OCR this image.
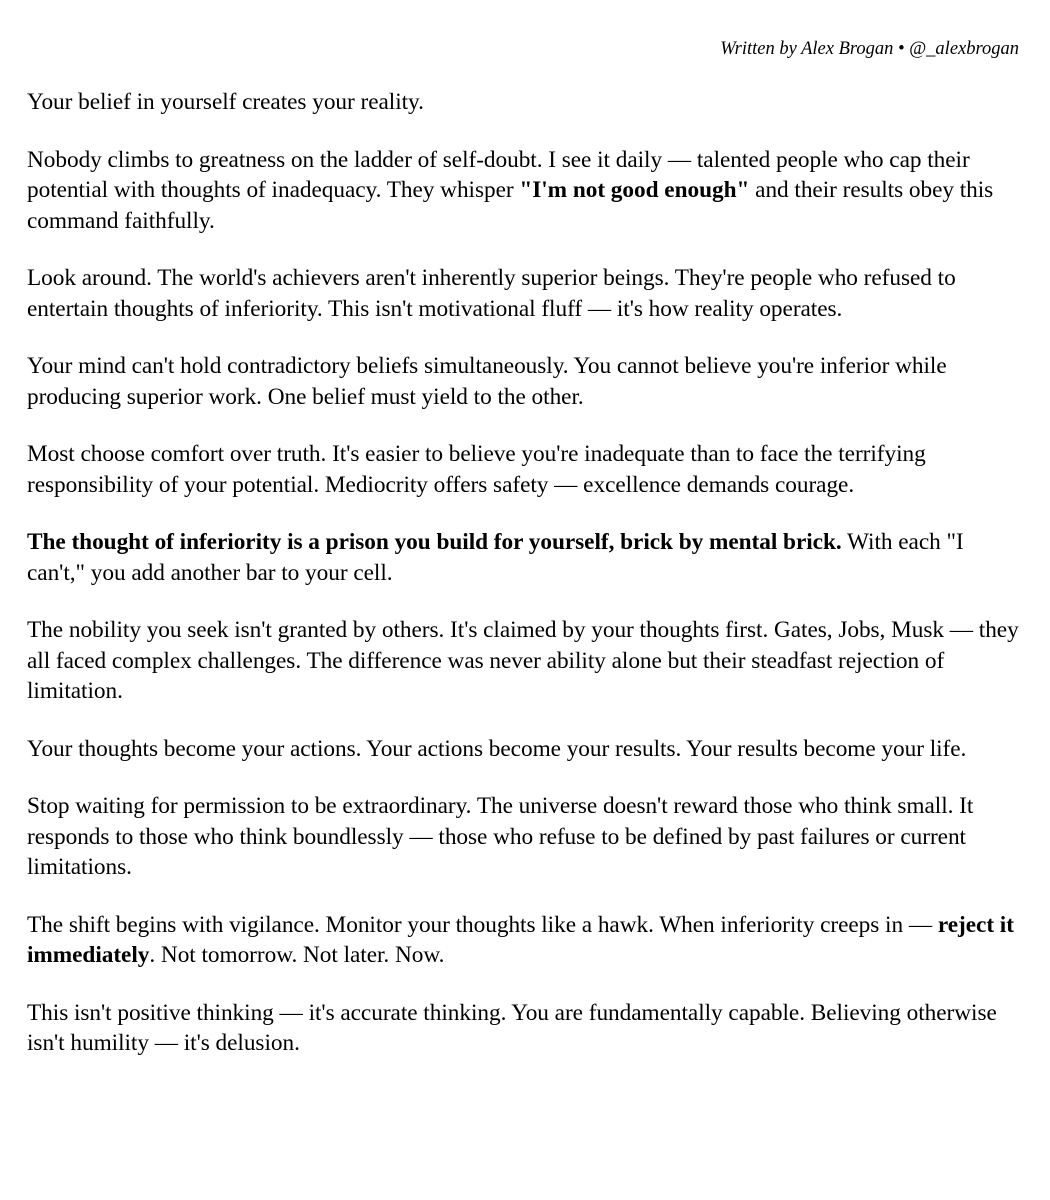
Written by Alex Brogan • @_alexbrogan

Your belief in yourself creates your reality.

Nobody climbs to greatness on the ladder of self-doubt. I see it daily — talented people who cap their potential with thoughts of inadequacy. They whisper "I'm not good enough" and their results obey this command faithfully.

Look around. The world's achievers aren't inherently superior beings. They're people who refused to entertain thoughts of inferiority. This isn't motivational fluff — it's how reality operates.

Your mind can't hold contradictory beliefs simultaneously. You cannot believe you're inferior while producing superior work. One belief must yield to the other.

Most choose comfort over truth. It's easier to believe you're inadequate than to face the terrifying responsibility of your potential. Mediocrity offers safety — excellence demands courage.

The thought of inferiority is a prison you build for yourself, brick by mental brick. With each "I can't," you add another bar to your cell.

The nobility you seek isn't granted by others. It's claimed by your thoughts first. Gates, Jobs, Musk — they all faced complex challenges. The difference was never ability alone but their steadfast rejection of limitation.

Your thoughts become your actions. Your actions become your results. Your results become your life.

Stop waiting for permission to be extraordinary. The universe doesn't reward those who think small. It responds to those who think boundlessly — those who refuse to be defined by past failures or current limitations.

The shift begins with vigilance. Monitor your thoughts like a hawk. When inferiority creeps in — reject it immediately. Not tomorrow. Not later. Now.

This isn't positive thinking — it's accurate thinking. You are fundamentally capable. Believing otherwise isn't humility — it's delusion.
